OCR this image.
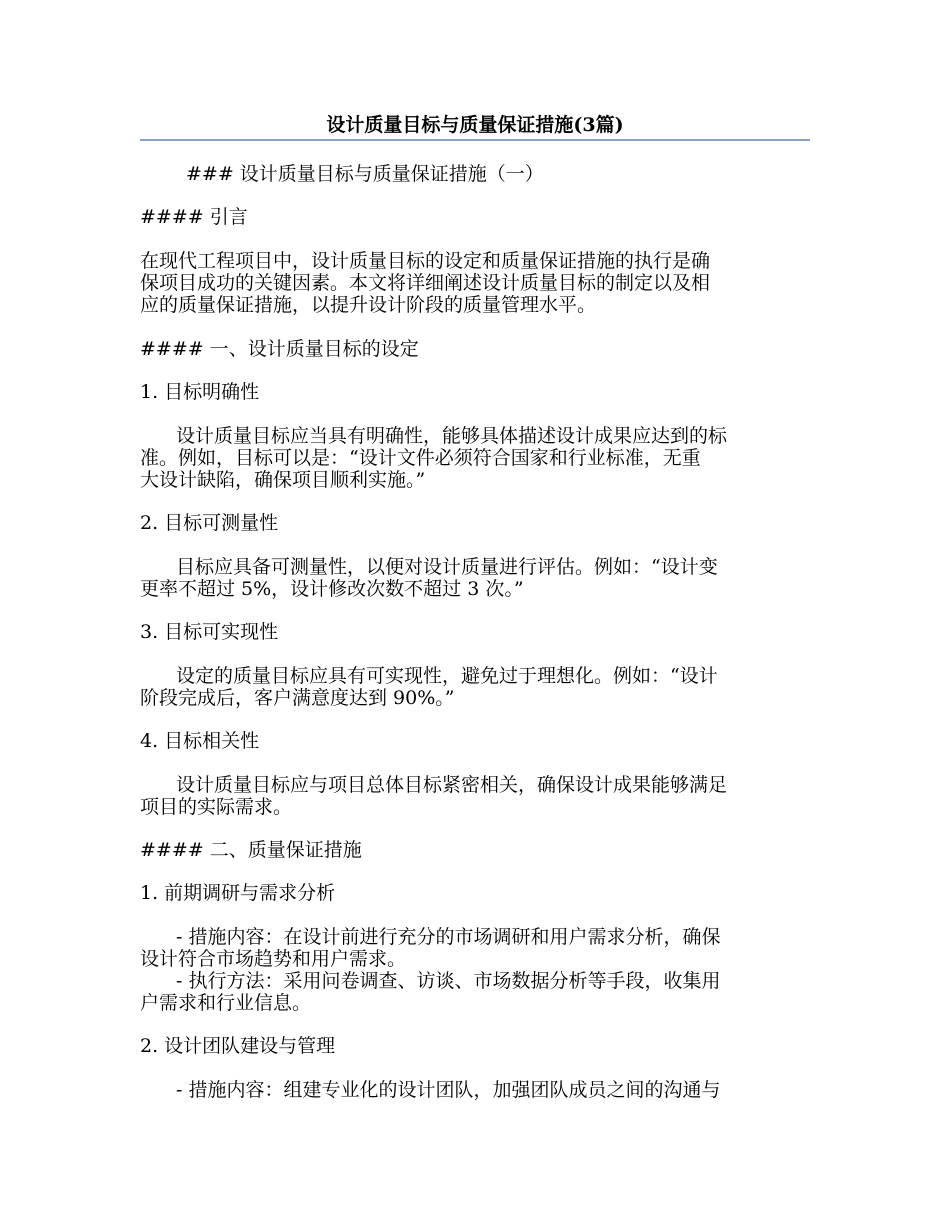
设计质量目标与质量保证措施(3篇)
### 设计质量目标与质量保证措施（一）
#### 引言
在现代工程项目中，设计质量目标的设定和质量保证措施的执行是确
保项目成功的关键因素。本文将详细阐述设计质量目标的制定以及相
应的质量保证措施，以提升设计阶段的质量管理水平。
#### 一、设计质量目标的设定
1. 目标明确性
设计质量目标应当具有明确性，能够具体描述设计成果应达到的标
准。例如，目标可以是：“设计文件必须符合国家和行业标准，无重
大设计缺陷，确保项目顺利实施。”
2. 目标可测量性
目标应具备可测量性，以便对设计质量进行评估。例如：“设计变
更率不超过 5%，设计修改次数不超过 3 次。”
3. 目标可实现性
设定的质量目标应具有可实现性，避免过于理想化。例如：“设计
阶段完成后，客户满意度达到 90%。”
4. 目标相关性
设计质量目标应与项目总体目标紧密相关，确保设计成果能够满足
项目的实际需求。
#### 二、质量保证措施
1. 前期调研与需求分析
- 措施内容：在设计前进行充分的市场调研和用户需求分析，确保
设计符合市场趋势和用户需求。
- 执行方法：采用问卷调查、访谈、市场数据分析等手段，收集用
户需求和行业信息。
2. 设计团队建设与管理
- 措施内容：组建专业化的设计团队，加强团队成员之间的沟通与
